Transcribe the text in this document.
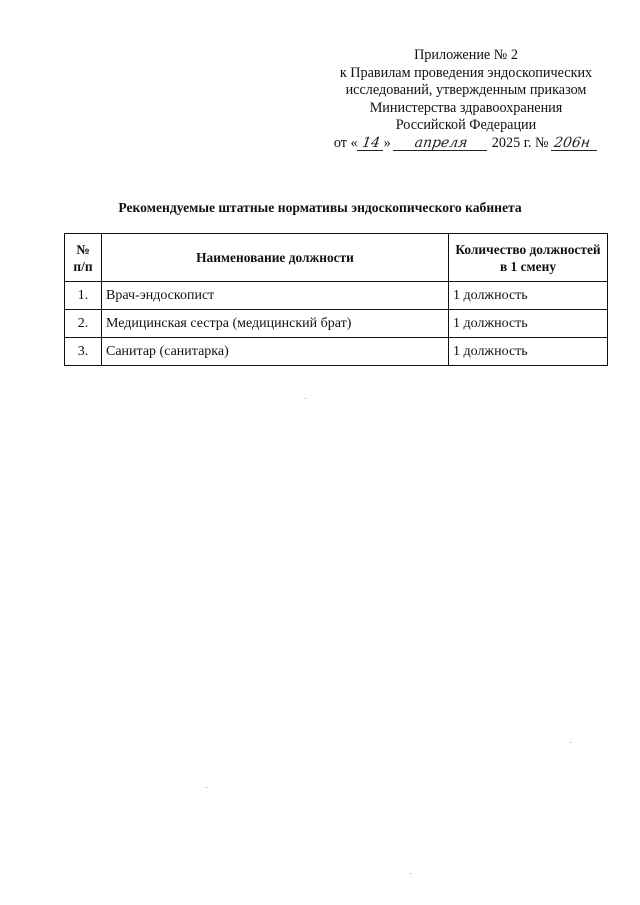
Приложение № 2
к Правилам проведения эндоскопических
исследований, утвержденным приказом
Министерства здравоохранения
Российской Федерации
от « 14 » апреля 2025 г. № 206н
Рекомендуемые штатные нормативы эндоскопического кабинета
№ п/п	Наименование должности	Количество должностей в 1 смену
1.	Врач-эндоскопист	1 должность
2.	Медицинская сестра (медицинский брат)	1 должность
3.	Санитар (санитарка)	1 должность
